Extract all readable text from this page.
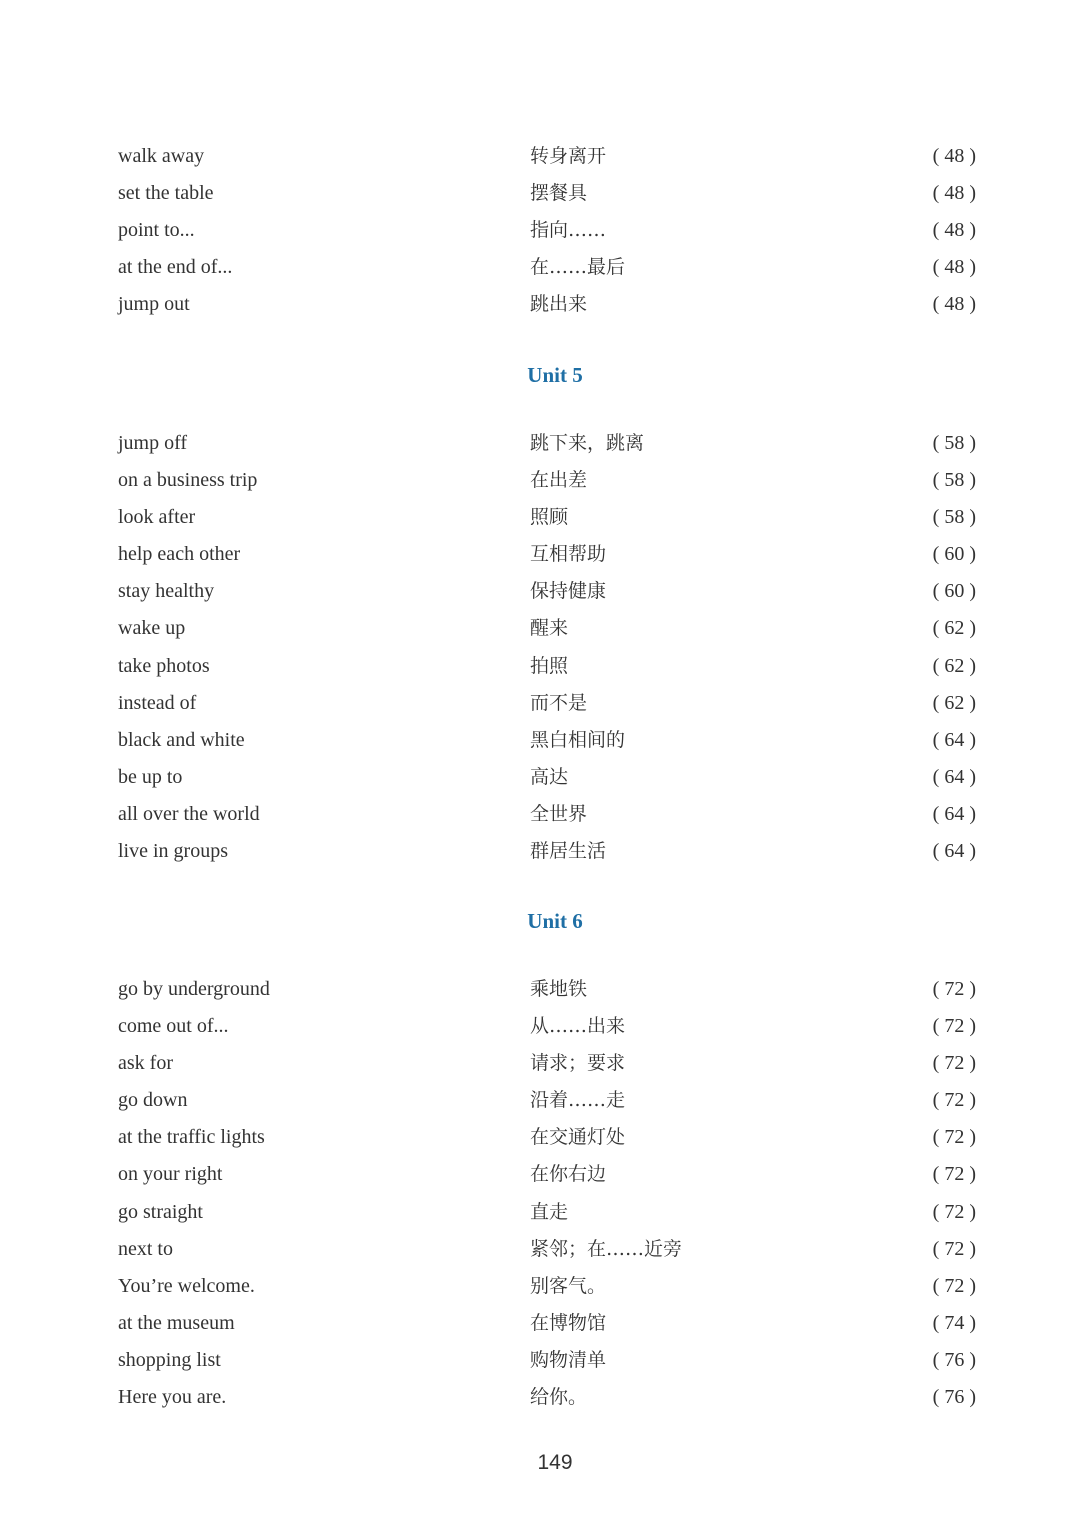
walk away	转身离开	( 48 )
set the table	摆餐具	( 48 )
point to...	指向……	( 48 )
at the end of...	在……最后	( 48 )
jump out	跳出来	( 48 )
Unit 5
jump off	跳下来，跳离	( 58 )
on a business trip	在出差	( 58 )
look after	照顾	( 58 )
help each other	互相帮助	( 60 )
stay healthy	保持健康	( 60 )
wake up	醒来	( 62 )
take photos	拍照	( 62 )
instead of	而不是	( 62 )
black and white	黑白相间的	( 64 )
be up to	高达	( 64 )
all over the world	全世界	( 64 )
live in groups	群居生活	( 64 )
Unit 6
go by underground	乘地铁	( 72 )
come out of...	从……出来	( 72 )
ask for	请求；要求	( 72 )
go down	沿着……走	( 72 )
at the traffic lights	在交通灯处	( 72 )
on your right	在你右边	( 72 )
go straight	直走	( 72 )
next to	紧邻；在……近旁	( 72 )
You’re welcome.	别客气。	( 72 )
at the museum	在博物馆	( 74 )
shopping list	购物清单	( 76 )
Here you are.	给你。	( 76 )
149
